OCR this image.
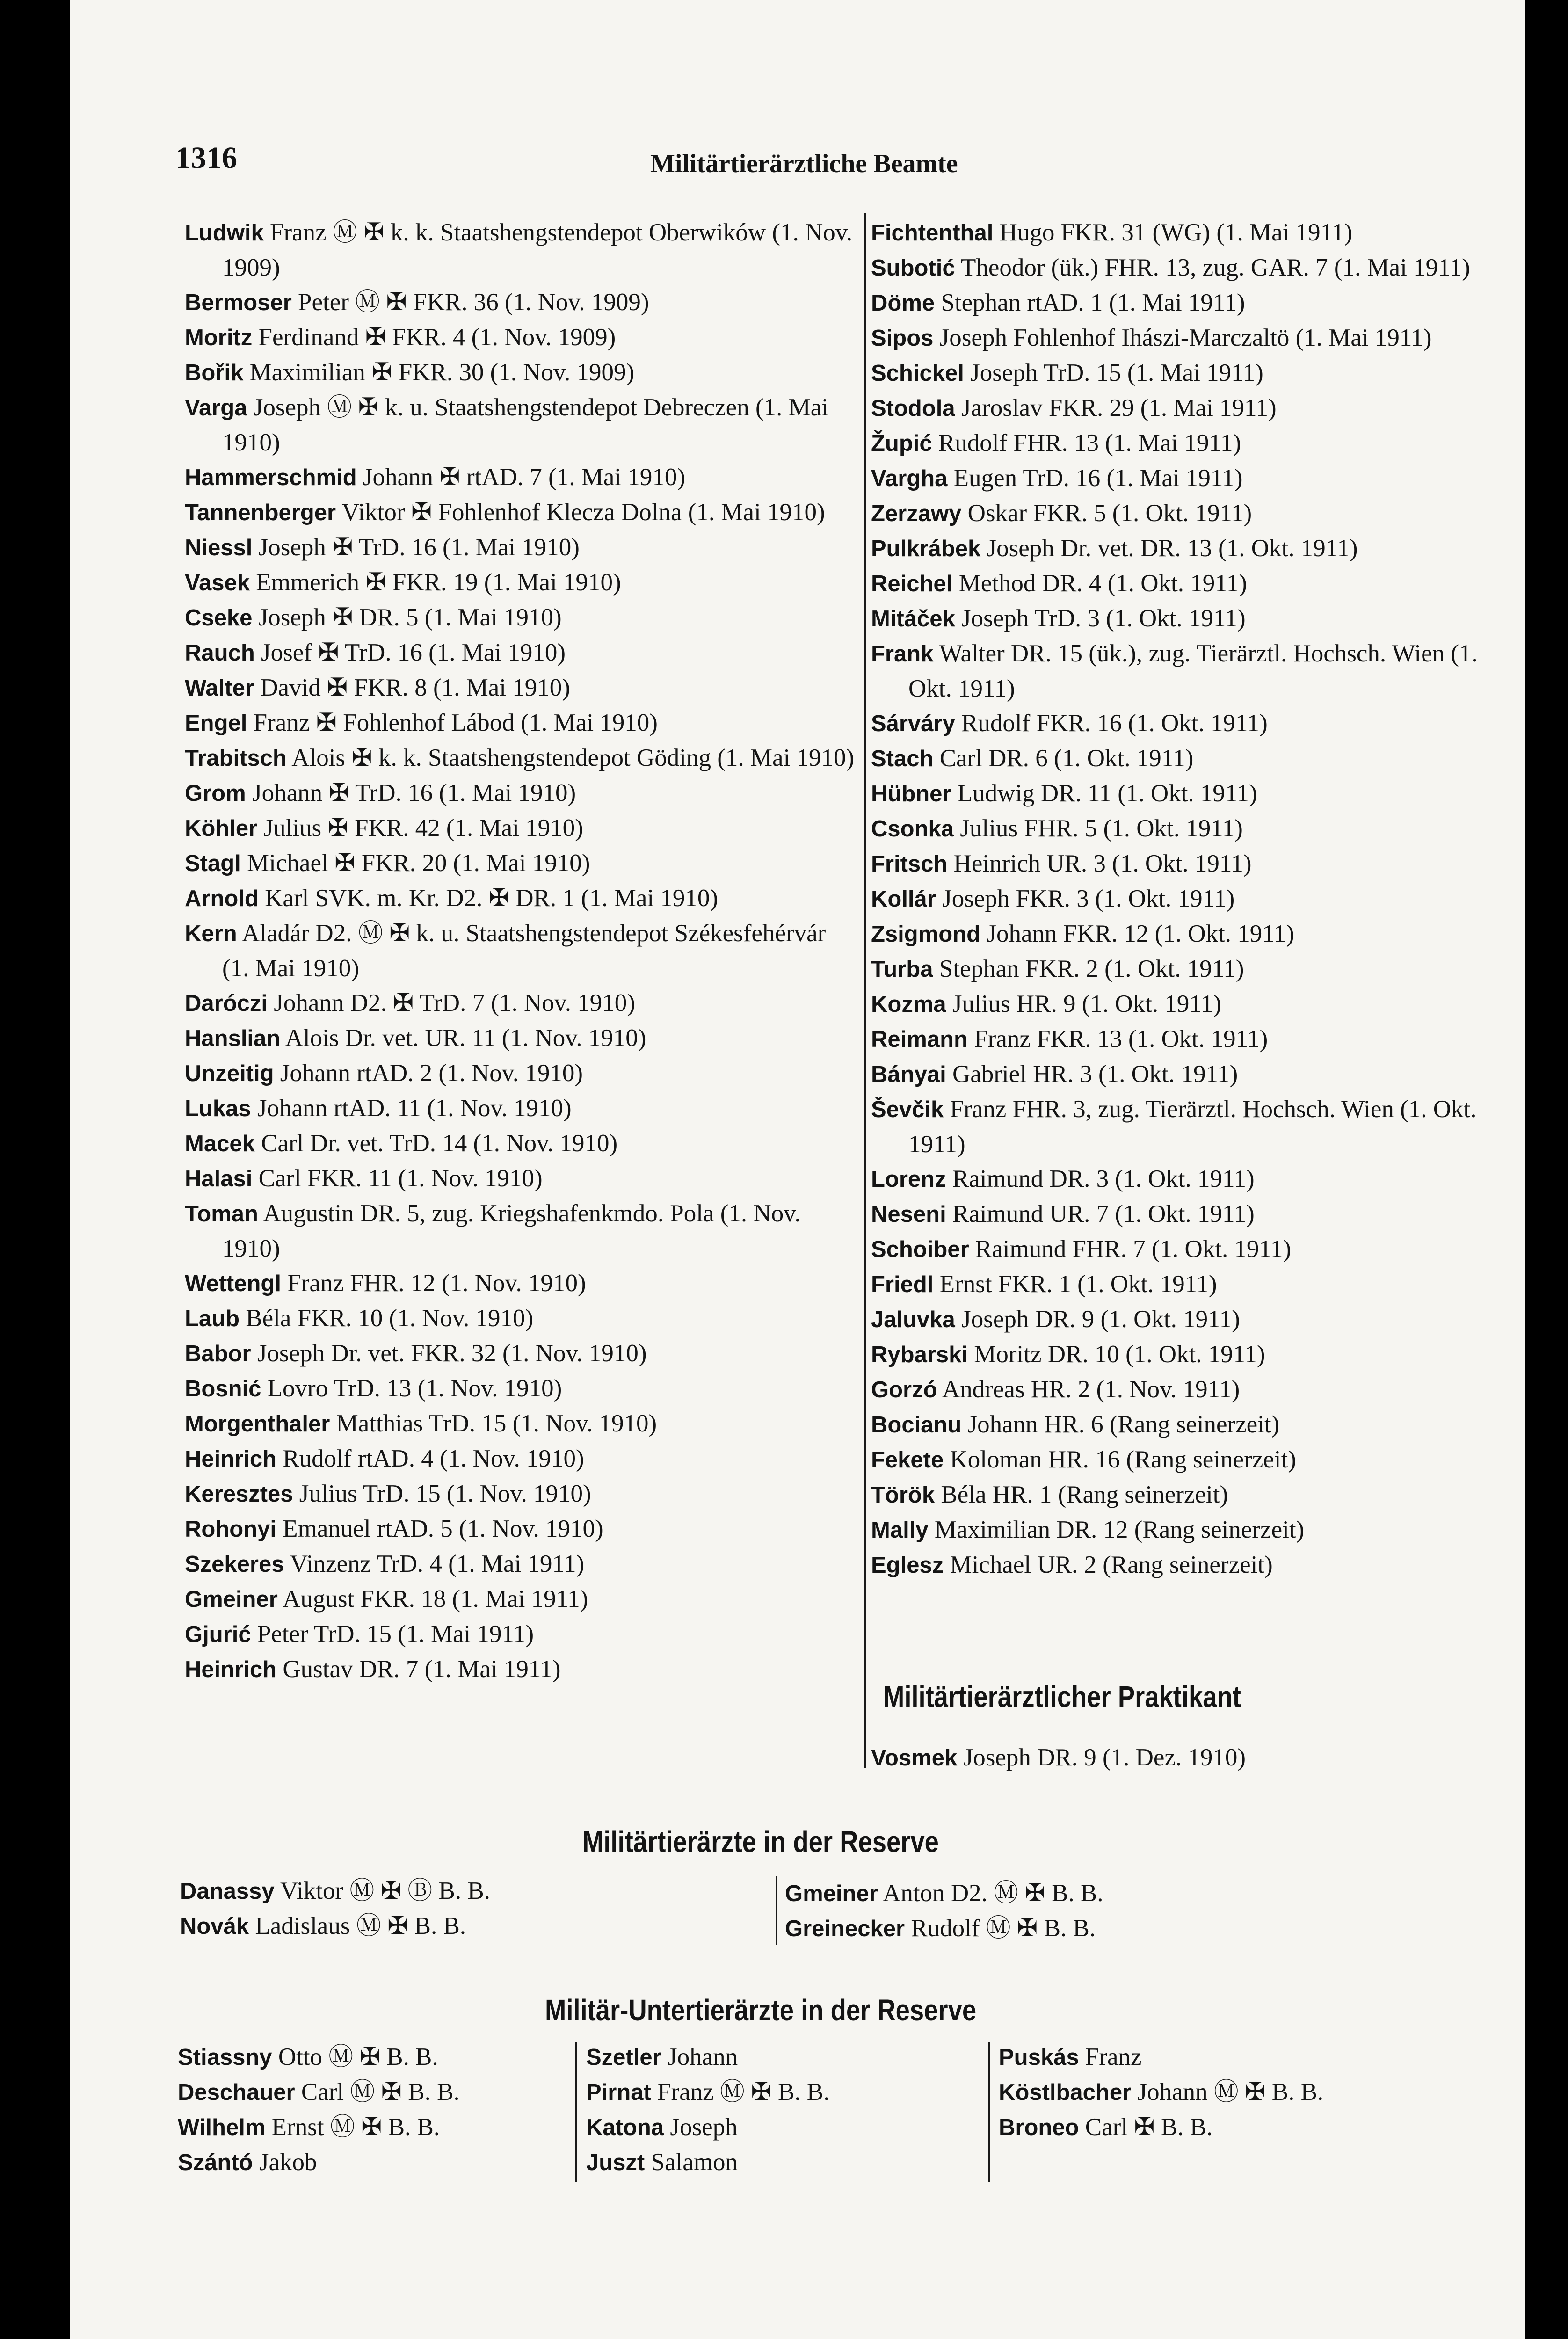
1316	Militärtierärztliche Beamte

Ludwik Franz Ⓜ ✠ k. k. Staatshengstendepot Oberwików (1. Nov. 1909)

Bermoser Peter Ⓜ ✠ FKR. 36 (1. Nov. 1909)

Moritz Ferdinand ✠ FKR. 4 (1. Nov. 1909)

Bořik Maximilian ✠ FKR. 30 (1. Nov. 1909)

Varga Joseph Ⓜ ✠ k. u. Staatshengstendepot Debreczen (1. Mai 1910)

Hammerschmid Johann ✠ rtAD. 7 (1. Mai 1910)

Tannenberger Viktor ✠ Fohlenhof Klecza Dolna (1. Mai 1910)

Niessl Joseph ✠ TrD. 16 (1. Mai 1910)

Vasek Emmerich ✠ FKR. 19 (1. Mai 1910)

Cseke Joseph ✠ DR. 5 (1. Mai 1910)

Rauch Josef ✠ TrD. 16 (1. Mai 1910)

Walter David ✠ FKR. 8 (1. Mai 1910)

Engel Franz ✠ Fohlenhof Lábod (1. Mai 1910)

Trabitsch Alois ✠ k. k. Staatshengstendepot Göding (1. Mai 1910)

Grom Johann ✠ TrD. 16 (1. Mai 1910)

Köhler Julius ✠ FKR. 42 (1. Mai 1910)

Stagl Michael ✠ FKR. 20 (1. Mai 1910)

Arnold Karl SVK. m. Kr. D2. ✠ DR. 1 (1. Mai 1910)

Kern Aladár D2. Ⓜ ✠ k. u. Staatshengstendepot Székesfehérvár (1. Mai 1910)

Daróczi Johann D2. ✠ TrD. 7 (1. Nov. 1910)

Hanslian Alois Dr. vet. UR. 11 (1. Nov. 1910)

Unzeitig Johann rtAD. 2 (1. Nov. 1910)

Lukas Johann rtAD. 11 (1. Nov. 1910)

Macek Carl Dr. vet. TrD. 14 (1. Nov. 1910)

Halasi Carl FKR. 11 (1. Nov. 1910)

Toman Augustin DR. 5, zug. Kriegshafenkmdo. Pola (1. Nov. 1910)

Wettengl Franz FHR. 12 (1. Nov. 1910)

Laub Béla FKR. 10 (1. Nov. 1910)

Babor Joseph Dr. vet. FKR. 32 (1. Nov. 1910)

Bosnić Lovro TrD. 13 (1. Nov. 1910)

Morgenthaler Matthias TrD. 15 (1. Nov. 1910)

Heinrich Rudolf rtAD. 4 (1. Nov. 1910)

Keresztes Julius TrD. 15 (1. Nov. 1910)

Rohonyi Emanuel rtAD. 5 (1. Nov. 1910)

Szekeres Vinzenz TrD. 4 (1. Mai 1911)

Gmeiner August FKR. 18 (1. Mai 1911)

Gjurić Peter TrD. 15 (1. Mai 1911)

Heinrich Gustav DR. 7 (1. Mai 1911)

Fichtenthal Hugo FKR. 31 (WG) (1. Mai 1911)

Subotić Theodor (ük.) FHR. 13, zug. GAR. 7 (1. Mai 1911)

Döme Stephan rtAD. 1 (1. Mai 1911)

Sipos Joseph Fohlenhof Ihászi-Marczaltö (1. Mai 1911)

Schickel Joseph TrD. 15 (1. Mai 1911)

Stodola Jaroslav FKR. 29 (1. Mai 1911)

Župić Rudolf FHR. 13 (1. Mai 1911)

Vargha Eugen TrD. 16 (1. Mai 1911)

Zerzawy Oskar FKR. 5 (1. Okt. 1911)

Pulkrábek Joseph Dr. vet. DR. 13 (1. Okt. 1911)

Reichel Method DR. 4 (1. Okt. 1911)

Mitáček Joseph TrD. 3 (1. Okt. 1911)

Frank Walter DR. 15 (ük.), zug. Tierärztl. Hochsch. Wien (1. Okt. 1911)

Sárváry Rudolf FKR. 16 (1. Okt. 1911)

Stach Carl DR. 6 (1. Okt. 1911)

Hübner Ludwig DR. 11 (1. Okt. 1911)

Csonka Julius FHR. 5 (1. Okt. 1911)

Fritsch Heinrich UR. 3 (1. Okt. 1911)

Kollár Joseph FKR. 3 (1. Okt. 1911)

Zsigmond Johann FKR. 12 (1. Okt. 1911)

Turba Stephan FKR. 2 (1. Okt. 1911)

Kozma Julius HR. 9 (1. Okt. 1911)

Reimann Franz FKR. 13 (1. Okt. 1911)

Bányai Gabriel HR. 3 (1. Okt. 1911)

Ševčik Franz FHR. 3, zug. Tierärztl. Hochsch. Wien (1. Okt. 1911)

Lorenz Raimund DR. 3 (1. Okt. 1911)

Neseni Raimund UR. 7 (1. Okt. 1911)

Schoiber Raimund FHR. 7 (1. Okt. 1911)

Friedl Ernst FKR. 1 (1. Okt. 1911)

Jaluvka Joseph DR. 9 (1. Okt. 1911)

Rybarski Moritz DR. 10 (1. Okt. 1911)

Gorzó Andreas HR. 2 (1. Nov. 1911)

Bocianu Johann HR. 6 (Rang seinerzeit)

Fekete Koloman HR. 16 (Rang seinerzeit)

Török Béla HR. 1 (Rang seinerzeit)

Mally Maximilian DR. 12 (Rang seinerzeit)

Eglesz Michael UR. 2 (Rang seinerzeit)

Militärtierärztlicher Praktikant

Vosmek Joseph DR. 9 (1. Dez. 1910)

Militärtierärzte in der Reserve

Danassy Viktor Ⓜ ✠ Ⓑ B. B.

Novák Ladislaus Ⓜ ✠ B. B.

Gmeiner Anton D2. Ⓜ ✠ B. B.

Greinecker Rudolf Ⓜ ✠ B. B.

Militär-Untertierärzte in der Reserve

Stiassny Otto Ⓜ ✠ B. B.

Deschauer Carl Ⓜ ✠ B. B.

Wilhelm Ernst Ⓜ ✠ B. B.

Szántó Jakob

Szetler Johann

Pirnat Franz Ⓜ ✠ B. B.

Katona Joseph

Juszt Salamon

Puskás Franz

Köstlbacher Johann Ⓜ ✠ B. B.

Broneo Carl ✠ B. B.
